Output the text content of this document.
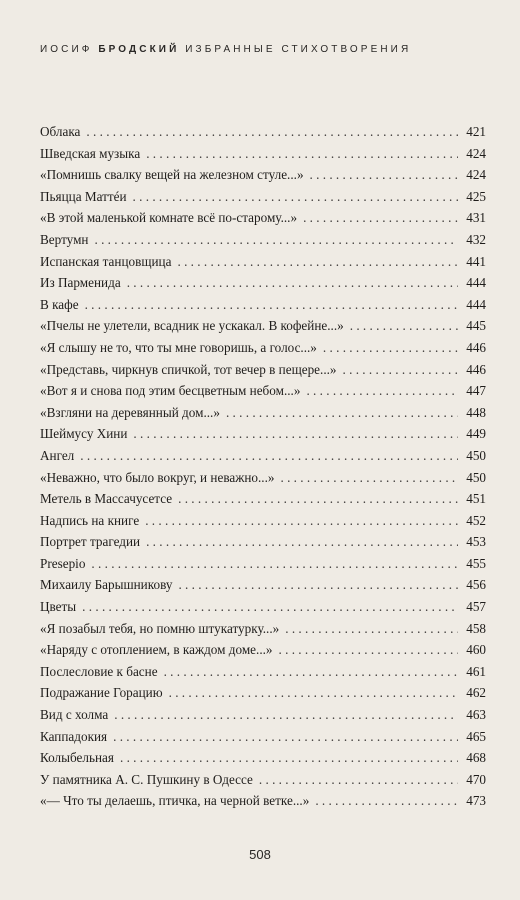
ИОСИФ БРОДСКИЙ ИЗБРАННЫЕ СТИХОТВОРЕНИЯ
Облака . . .	421
Шведская музыка . . .	424
«Помнишь свалку вещей на железном стуле...» . . .	424
Пьяцца Маттéи . . .	425
«В этой маленькой комнате всё по-старому...» . . .	431
Вертумн . . .	432
Испанская танцовщица . . .	441
Из Парменида . . .	444
В кафе . . .	444
«Пчелы не улетели, всадник не ускакал. В кофейне...» . . .	445
«Я слышу не то, что ты мне говоришь, а голос...» . . .	446
«Представь, чиркнув спичкой, тот вечер в пещере...» . . .	446
«Вот я и снова под этим бесцветным небом...» . . .	447
«Взгляни на деревянный дом...» . . .	448
Шеймусу Хини . . .	449
Ангел . . .	450
«Неважно, что было вокруг, и неважно...» . . .	450
Метель в Массачусетсе . . .	451
Надпись на книге . . .	452
Портрет трагедии . . .	453
Presepio . . .	455
Михаилу Барышникову . . .	456
Цветы . . .	457
«Я позабыл тебя, но помню штукатурку...» . . .	458
«Наряду с отоплением, в каждом доме...» . . .	460
Послесловие к басне . . .	461
Подражание Горацию . . .	462
Вид с холма . . .	463
Каппадокия . . .	465
Колыбельная . . .	468
У памятника А. С. Пушкину в Одессе . . .	470
«— Что ты делаешь, птичка, на черной ветке...» . . .	473
508
